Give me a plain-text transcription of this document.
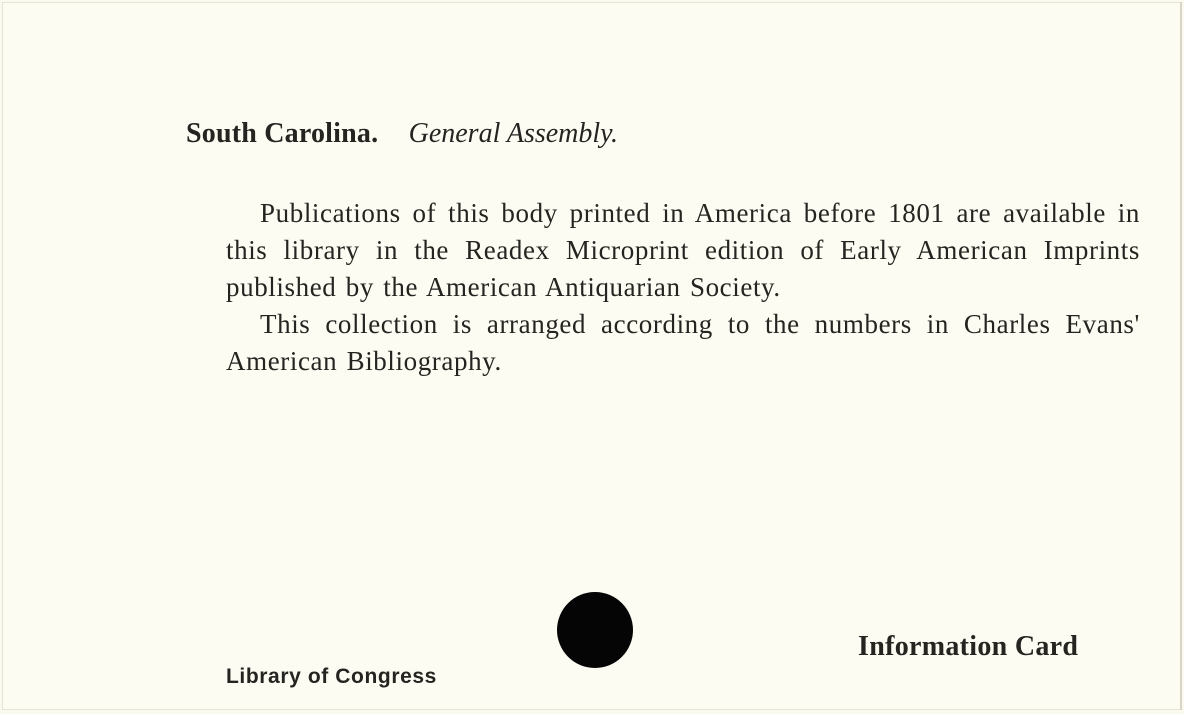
South Carolina. General Assembly.

Publications of this body printed in America before 1801 are available in this library in the Readex Microprint edition of Early American Imprints published by the American Antiquarian Society.

This collection is arranged according to the numbers in Charles Evans' American Bibliography.

Library of Congress
Information Card
